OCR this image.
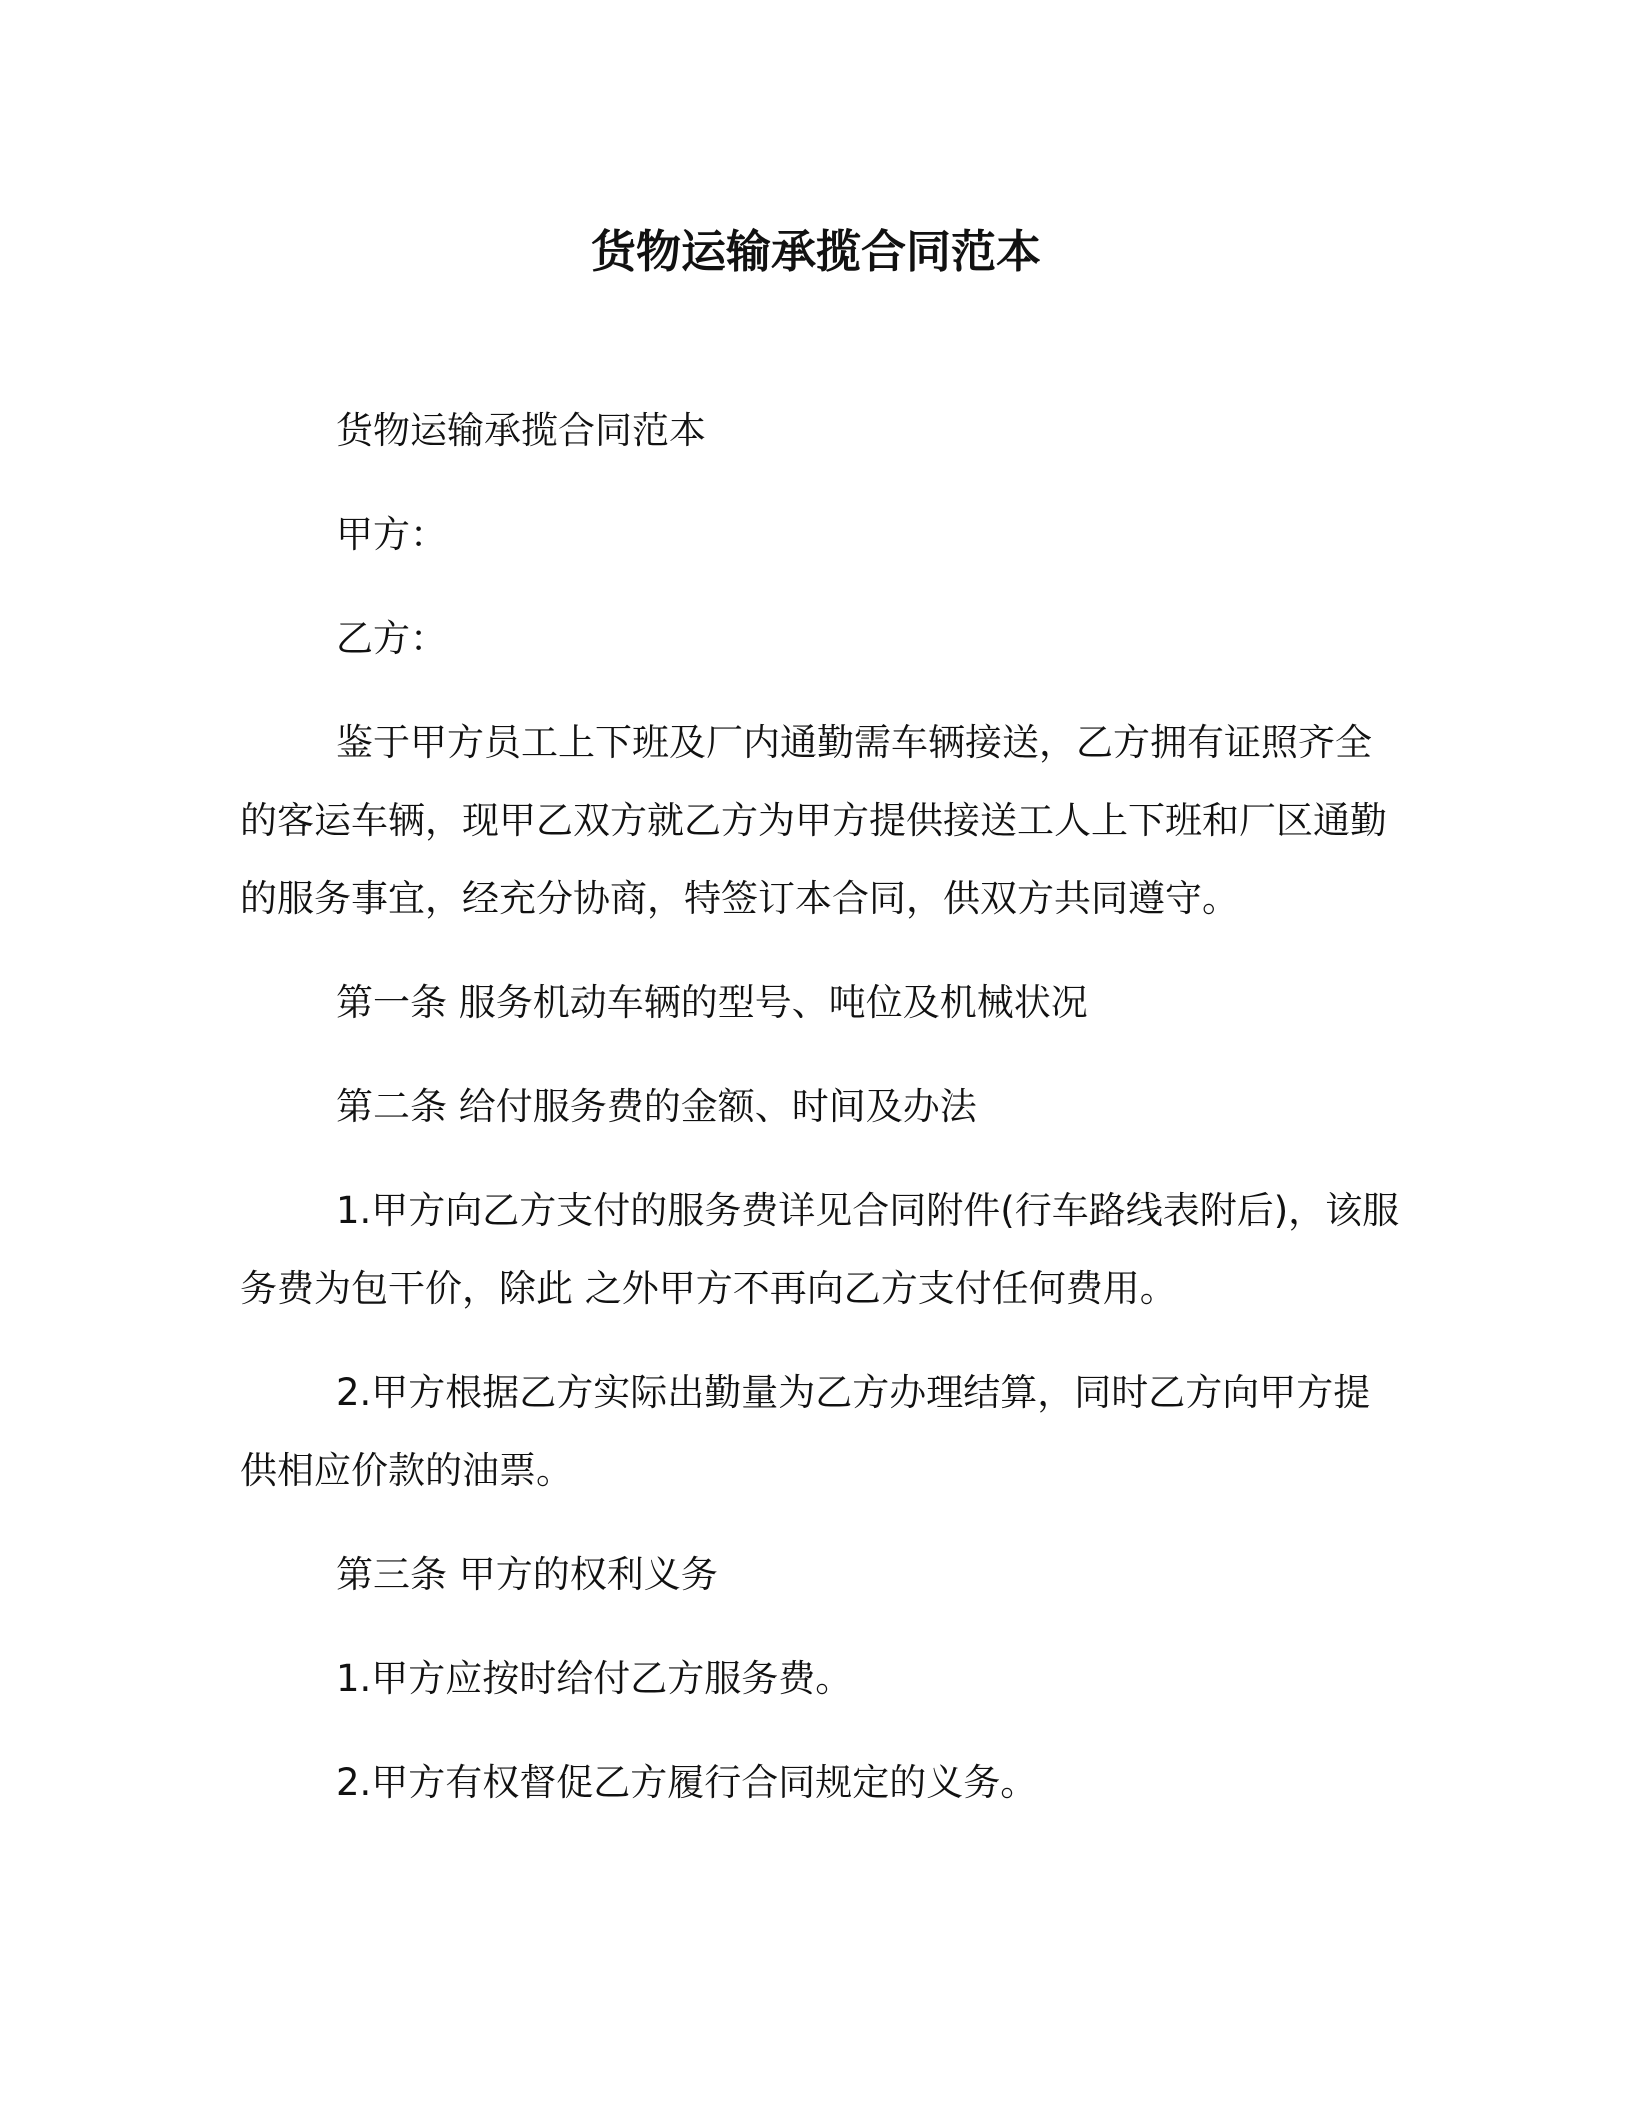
货物运输承揽合同范本

货物运输承揽合同范本

甲方：

乙方：

鉴于甲方员工上下班及厂内通勤需车辆接送，乙方拥有证照齐全的客运车辆，现甲乙双方就乙方为甲方提供接送工人上下班和厂区通勤的服务事宜，经充分协商，特签订本合同，供双方共同遵守。

第一条 服务机动车辆的型号、吨位及机械状况

第二条 给付服务费的金额、时间及办法

1.甲方向乙方支付的服务费详见合同附件(行车路线表附后)，该服务费为包干价，除此 之外甲方不再向乙方支付任何费用。

2.甲方根据乙方实际出勤量为乙方办理结算，同时乙方向甲方提供相应价款的油票。

第三条 甲方的权利义务

1.甲方应按时给付乙方服务费。

2.甲方有权督促乙方履行合同规定的义务。
